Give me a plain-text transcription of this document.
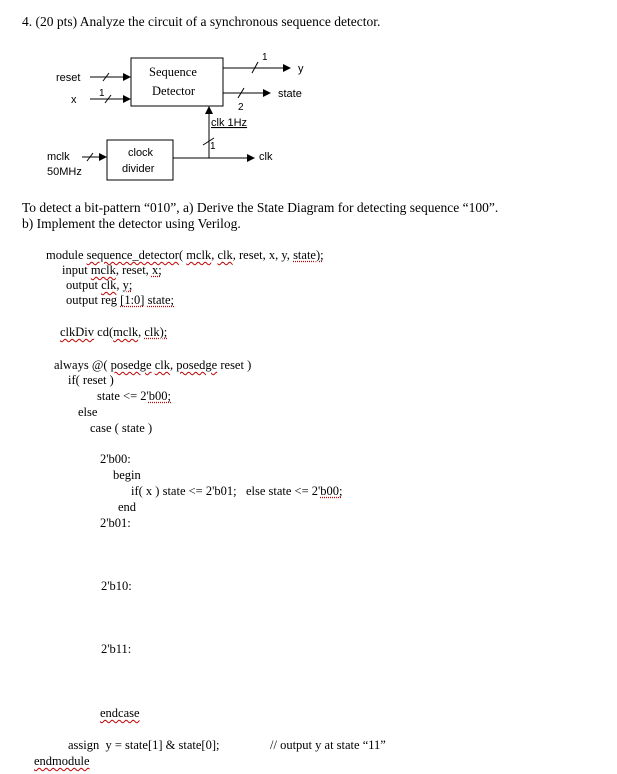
4. (20 pts) Analyze the circuit of a synchronous sequence detector.
Sequence
Detector
reset
x
1
1
y
2
state
clk 1Hz
1
clock
divider
clk
mclk
50MHz
To detect a bit-pattern “010”, a) Derive the State Diagram for detecting sequence “100”.
b) Implement the detector using Verilog.
module sequence_detector( mclk, clk, reset, x, y, state);
input mclk, reset, x;
output clk, y;
output reg [1:0] state;
clkDiv cd(mclk, clk);
always @( posedge clk, posedge reset )
if( reset )
state <= 2'b00;
else
case ( state )
2'b00:
begin
if( x ) state <= 2'b01;   else state <= 2'b00;
end
2'b01:
2'b10:
2'b11:
endcase
assign  y = state[1] & state[0];	// output y at state “11”
endmodule
